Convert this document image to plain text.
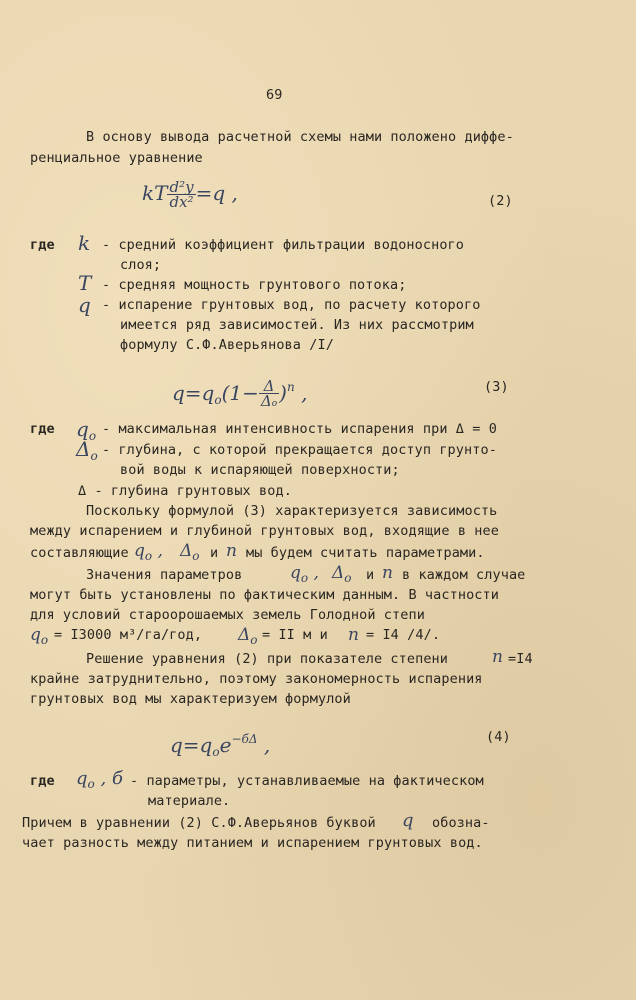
69
В основу вывода расчетной схемы нами положено диффе-
ренциальное уравнение
kT $\frac{\text{d²y}}{\text{dx²}} =q$ ,	(2)
где k - средний коэффициент фильтрации водоносного
слоя;
T - средняя мощность грунтового потока;
q - испарение грунтовых вод, по расчету которого
имеется ряд зависимостей. Из них рассмотрим
формулу С.Ф.Аверьянова /I/
$q=q_o(1- \frac{\Delta}{\Delta o} )^n$ ,	(3)
где $q_o$ - максимальная интенсивность испарения при Δ = 0
$\Delta_o$ - глубина, с которой прекращается доступ грунто-
вой воды к испаряющей поверхности;
Δ - глубина грунтовых вод.
Поскольку формулой (3) характеризуется зависимость
между испарением и глубиной грунтовых вод, входящие в нее
составляющие $q_o$ , $\Delta_o$ и n мы будем считать параметрами.
Значения параметров	$q_o$ , $\Delta_o$ и n в каждом случае
могут быть установлены по фактическим данным. В частности
для условий староорошаемых земель Голодной степи
$q_o = I3000$ м³/га/год, $\Delta_o$ = II м и n = I4 /4/.
Решение уравнения (2) при показателе степени	n =I4
крайне затруднительно, поэтому закономерность испарения
грунтовых вод мы характеризуем формулой
$q=q_oe^{-б\Delta}$ ,	(4)
где $q_o$ , б - параметры, устанавливаемые на фактическом
материале.
Причем в уравнении (2) С.Ф.Аверьянов буквой q обозна-
чает разность между питанием и испарением грунтовых вод.
